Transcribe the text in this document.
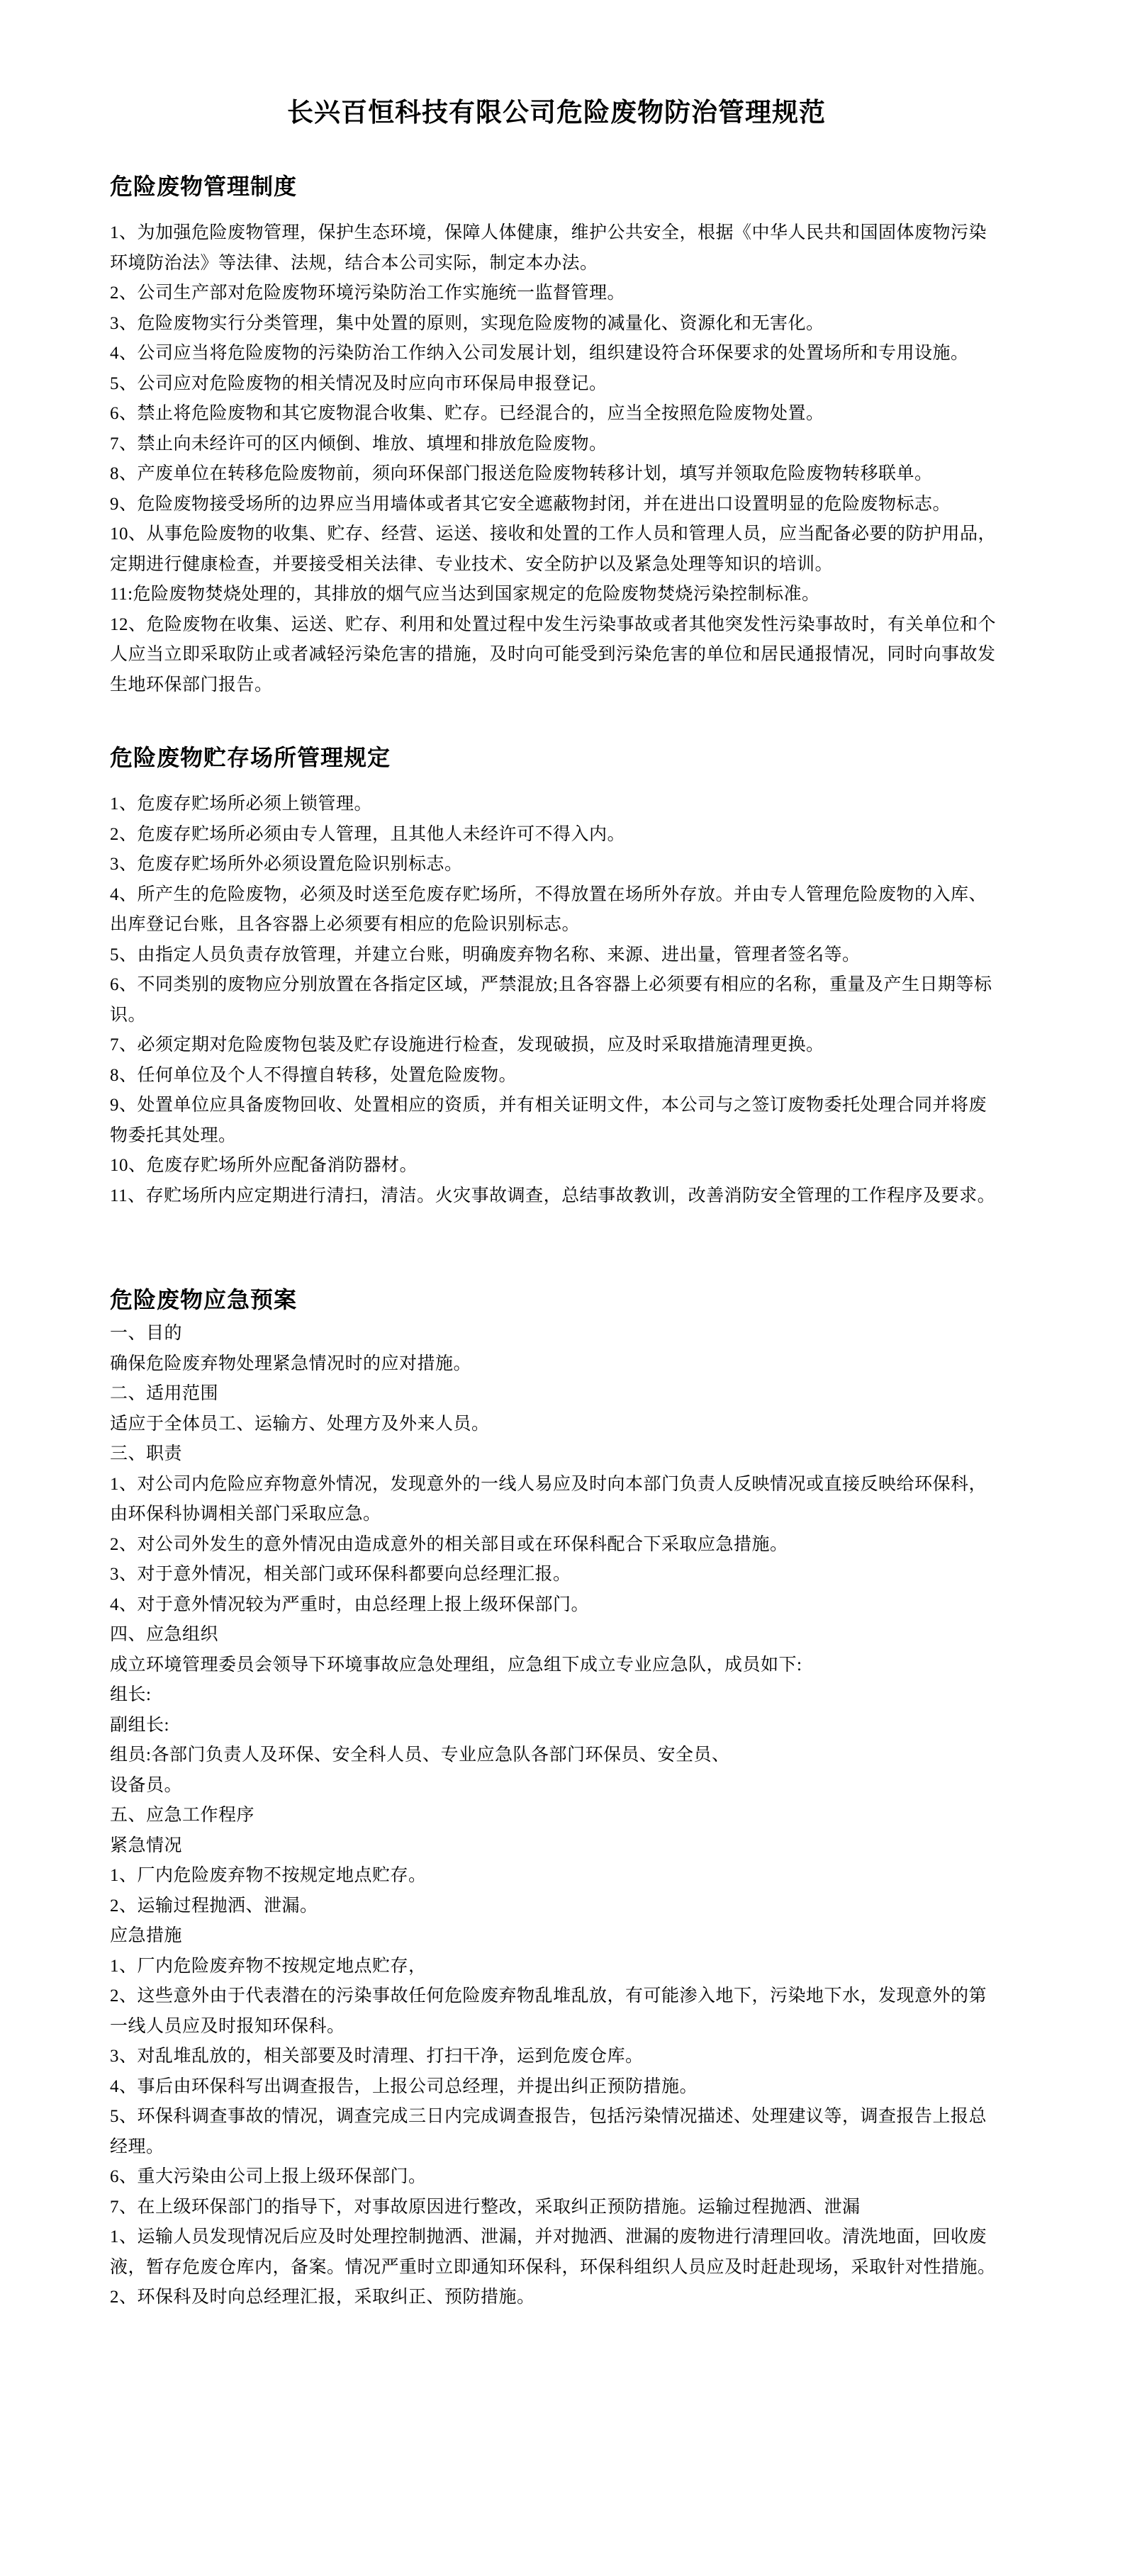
长兴百恒科技有限公司危险废物防治管理规范
危险废物管理制度

1、为加强危险废物管理，保护生态环境，保障人体健康，维护公共安全，根据《中华人民共和国固体废物污染环境防治法》等法律、法规，结合本公司实际，制定本办法。

2、公司生产部对危险废物环境污染防治工作实施统一监督管理。

3、危险废物实行分类管理，集中处置的原则，实现危险废物的减量化、资源化和无害化。

4、公司应当将危险废物的污染防治工作纳入公司发展计划，组织建设符合环保要求的处置场所和专用设施。

5、公司应对危险废物的相关情况及时应向市环保局申报登记。

6、禁止将危险废物和其它废物混合收集、贮存。已经混合的，应当全按照危险废物处置。

7、禁止向未经许可的区内倾倒、堆放、填埋和排放危险废物。

8、产废单位在转移危险废物前，须向环保部门报送危险废物转移计划，填写并领取危险废物转移联单。

9、危险废物接受场所的边界应当用墙体或者其它安全遮蔽物封闭，并在进出口设置明显的危险废物标志。

10、从事危险废物的收集、贮存、经营、运送、接收和处置的工作人员和管理人员，应当配备必要的防护用品，定期进行健康检查，并要接受相关法律、专业技术、安全防护以及紧急处理等知识的培训。

11:危险废物焚烧处理的，其排放的烟气应当达到国家规定的危险废物焚烧污染控制标准。

12、危险废物在收集、运送、贮存、利用和处置过程中发生污染事故或者其他突发性污染事故时，有关单位和个人应当立即采取防止或者减轻污染危害的措施，及时向可能受到污染危害的单位和居民通报情况，同时向事故发生地环保部门报告。

危险废物贮存场所管理规定

1、危废存贮场所必须上锁管理。

2、危废存贮场所必须由专人管理，且其他人未经许可不得入内。

3、危废存贮场所外必须设置危险识别标志。

4、所产生的危险废物，必须及时送至危废存贮场所，不得放置在场所外存放。并由专人管理危险废物的入库、出库登记台账，且各容器上必须要有相应的危险识别标志。

5、由指定人员负责存放管理，并建立台账，明确废弃物名称、来源、进出量，管理者签名等。

6、不同类别的废物应分别放置在各指定区域，严禁混放;且各容器上必须要有相应的名称，重量及产生日期等标识。

7、必须定期对危险废物包装及贮存设施进行检查，发现破损，应及时采取措施清理更换。

8、任何单位及个人不得擅自转移，处置危险废物。

9、处置单位应具备废物回收、处置相应的资质，并有相关证明文件，本公司与之签订废物委托处理合同并将废物委托其处理。

10、危废存贮场所外应配备消防器材。

11、存贮场所内应定期进行清扫，清洁。火灾事故调查，总结事故教训，改善消防安全管理的工作程序及要求。

危险废物应急预案

一、目的

确保危险废弃物处理紧急情况时的应对措施。

二、适用范围

适应于全体员工、运输方、处理方及外来人员。

三、职责

1、对公司内危险应弃物意外情况，发现意外的一线人易应及时向本部门负责人反映情况或直接反映给环保科，由环保科协调相关部门采取应急。

2、对公司外发生的意外情况由造成意外的相关部目或在环保科配合下采取应急措施。

3、对于意外情况，相关部门或环保科都要向总经理汇报。

4、对于意外情况较为严重时，由总经理上报上级环保部门。

四、应急组织

成立环境管理委员会领导下环境事故应急处理组，应急组下成立专业应急队，成员如下:

组长:

副组长:

组员:各部门负责人及环保、安全科人员、专业应急队各部门环保员、安全员、

设备员。

五、应急工作程序

紧急情况

1、厂内危险废弃物不按规定地点贮存。

2、运输过程抛洒、泄漏。

应急措施

1、厂内危险废弃物不按规定地点贮存，

2、这些意外由于代表潜在的污染事故任何危险废弃物乱堆乱放，有可能渗入地下，污染地下水，发现意外的第一线人员应及时报知环保科。

3、对乱堆乱放的，相关部要及时清理、打扫干净，运到危废仓库。

4、事后由环保科写出调查报告，上报公司总经理，并提出纠正预防措施。

5、环保科调查事故的情况，调查完成三日内完成调查报告，包括污染情况描述、处理建议等，调查报告上报总经理。

6、重大污染由公司上报上级环保部门。

7、在上级环保部门的指导下，对事故原因进行整改，采取纠正预防措施。运输过程抛洒、泄漏

1、运输人员发现情况后应及时处理控制抛洒、泄漏，并对抛洒、泄漏的废物进行清理回收。清洗地面，回收废液，暂存危废仓库内，备案。情况严重时立即通知环保科，环保科组织人员应及时赶赴现场，采取针对性措施。

2、环保科及时向总经理汇报，采取纠正、预防措施。
